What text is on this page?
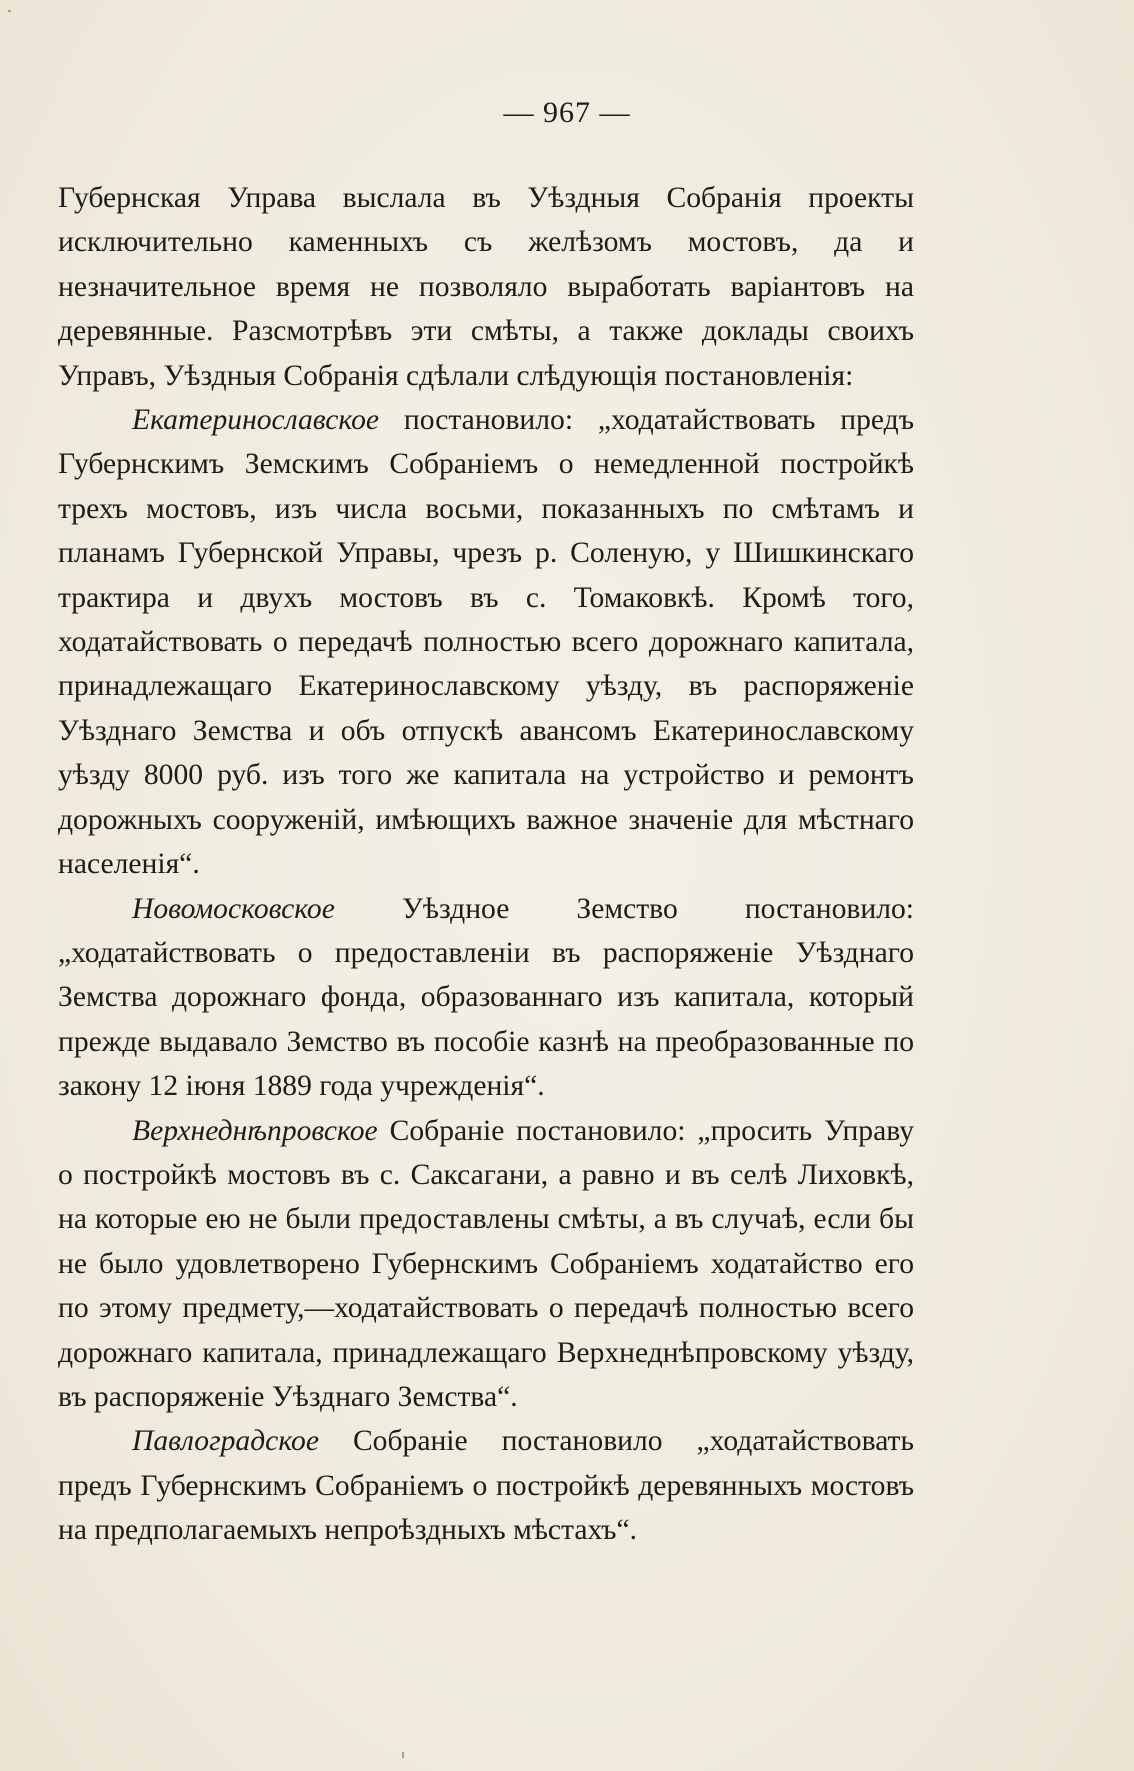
— 967 —

Губернская Управа выслала въ Уѣздныя Собранія проекты исключительно каменныхъ съ желѣзомъ мостовъ, да и незначительное время не позволяло выработать варіантовъ на деревянные. Разсмотрѣвъ эти смѣты, а также доклады своихъ Управъ, Уѣздныя Собранія сдѣлали слѣдующія постановленія:

Екатеринославское постановило: „ходатайствовать предъ Губернскимъ Земскимъ Собраніемъ о немедленной постройкѣ трехъ мостовъ, изъ числа восьми, показанныхъ по смѣтамъ и планамъ Губернской Управы, чрезъ р. Соленую, у Шишкинскаго трактира и двухъ мостовъ въ с. Томаковкѣ. Кромѣ того, ходатайствовать о передачѣ полностью всего дорожнаго капитала, принадлежащаго Екатеринославскому уѣзду, въ распоряженіе Уѣзднаго Земства и объ отпускѣ авансомъ Екатеринославскому уѣзду 8000 руб. изъ того же капитала на устройство и ремонтъ дорожныхъ сооруженій, имѣющихъ важное значеніе для мѣстнаго населенія“.

Новомосковское Уѣздное Земство постановило: „ходатайствовать о предоставленіи въ распоряженіе Уѣзднаго Земства дорожнаго фонда, образованнаго изъ капитала, который прежде выдавало Земство въ пособіе казнѣ на преобразованные по закону 12 іюня 1889 года учрежденія“.

Верхнеднѣпровское Собраніе постановило: „просить Управу о постройкѣ мостовъ въ с. Саксагани, а равно и въ селѣ Лиховкѣ, на которые ею не были предоставлены смѣты, а въ случаѣ, если бы не было удовлетворено Губернскимъ Собраніемъ ходатайство его по этому предмету,—ходатайствовать о передачѣ полностью всего дорожнаго капитала, принадлежащаго Верхнеднѣпровскому уѣзду, въ распоряженіе Уѣзднаго Земства“.

Павлоградское Собраніе постановило „ходатайствовать предъ Губернскимъ Собраніемъ о постройкѣ деревянныхъ мостовъ на предполагаемыхъ непроѣздныхъ мѣстахъ“.
